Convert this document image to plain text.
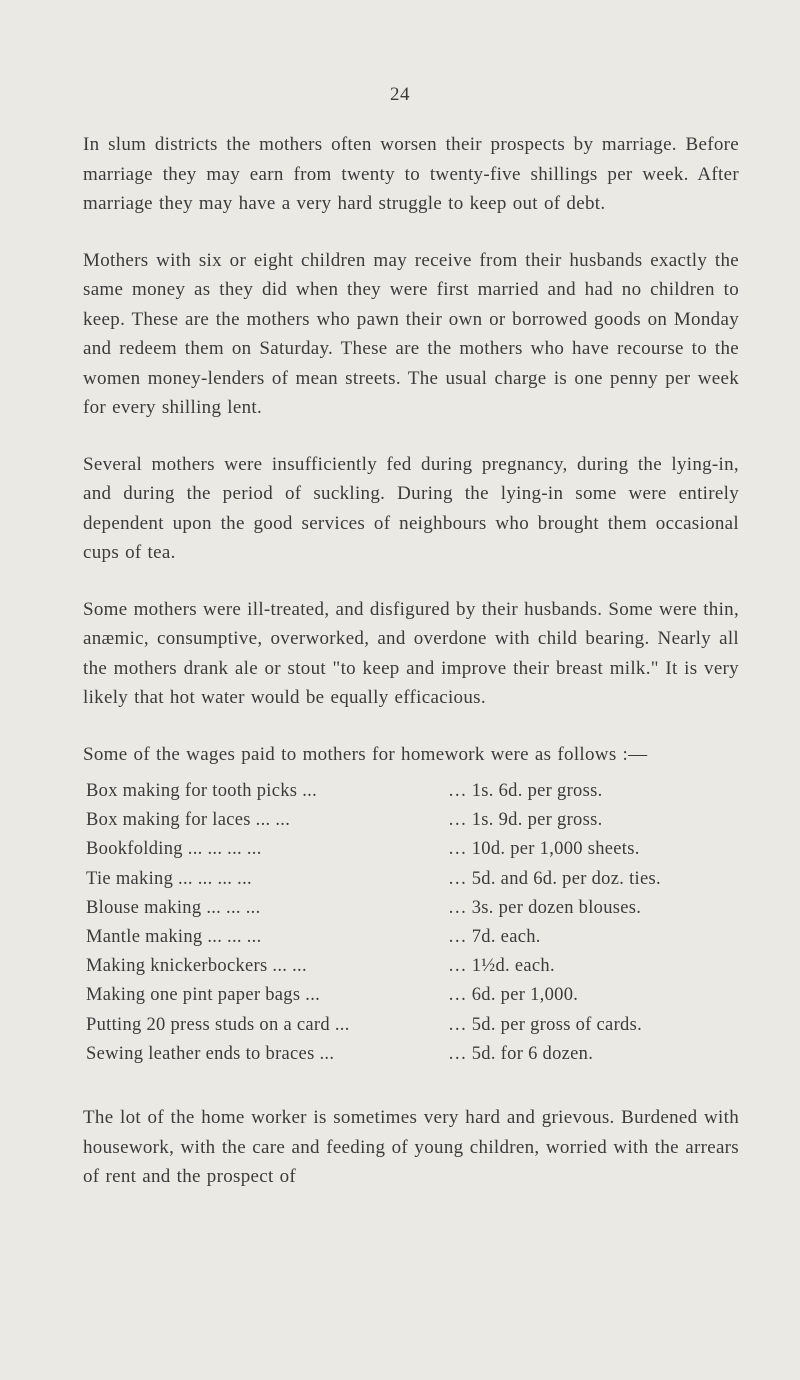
24

In slum districts the mothers often worsen their prospects by marriage. Before marriage they may earn from twenty to twenty-five shillings per week. After marriage they may have a very hard struggle to keep out of debt.

Mothers with six or eight children may receive from their husbands exactly the same money as they did when they were first married and had no children to keep. These are the mothers who pawn their own or borrowed goods on Monday and redeem them on Saturday. These are the mothers who have recourse to the women money-lenders of mean streets. The usual charge is one penny per week for every shilling lent.

Several mothers were insufficiently fed during pregnancy, during the lying-in, and during the period of suckling. During the lying-in some were entirely dependent upon the good services of neighbours who brought them occasional cups of tea.

Some mothers were ill-treated, and disfigured by their husbands. Some were thin, anæmic, consumptive, overworked, and overdone with child bearing. Nearly all the mothers drank ale or stout "to keep and improve their breast milk." It is very likely that hot water would be equally efficacious.

Some of the wages paid to mothers for homework were as follows :—

Box making for tooth picks ...	… 1s. 6d. per gross.
Box making for laces ... ...	… 1s. 9d. per gross.
Bookfolding ... ... ... ...	… 10d. per 1,000 sheets.
Tie making ... ... ... ...	… 5d. and 6d. per doz. ties.
Blouse making ... ... ...	… 3s. per dozen blouses.
Mantle making ... ... ...	… 7d. each.
Making knickerbockers ... ...	… 1½d. each.
Making one pint paper bags ...	… 6d. per 1,000.
Putting 20 press studs on a card ...	… 5d. per gross of cards.
Sewing leather ends to braces ...	… 5d. for 6 dozen.

The lot of the home worker is sometimes very hard and grievous. Burdened with housework, with the care and feeding of young children, worried with the arrears of rent and the prospect of
